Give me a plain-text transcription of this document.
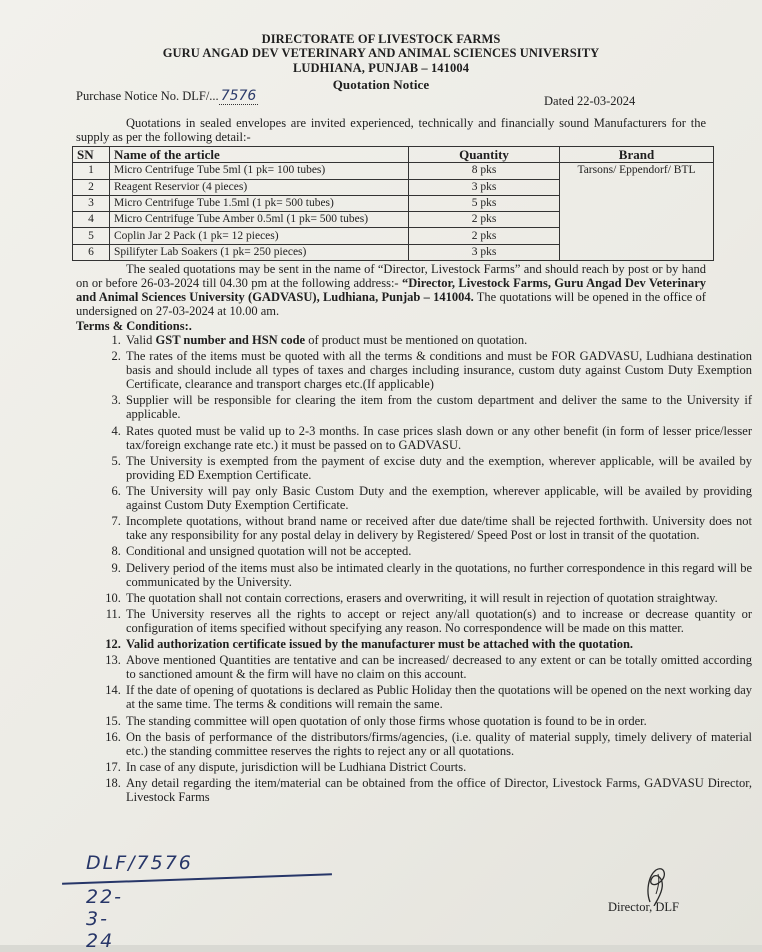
DIRECTORATE OF LIVESTOCK FARMS
GURU ANGAD DEV VETERINARY AND ANIMAL SCIENCES UNIVERSITY
LUDHIANA, PUNJAB – 141004
Quotation Notice
Purchase Notice No. DLF/... 7576	Dated 22-03-2024
Quotations in sealed envelopes are invited experienced, technically and financially sound Manufacturers for the supply as per the following detail:-
SN	Name of the article	Quantity	Brand
1	Micro Centrifuge Tube 5ml (1 pk= 100 tubes)	8 pks	Tarsons/ Eppendorf/ BTL
2	Reagent Reservior (4 pieces)	3 pks	
3	Micro Centrifuge Tube 1.5ml (1 pk= 500 tubes)	5 pks	
4	Micro Centrifuge Tube Amber 0.5ml (1 pk= 500 tubes)	2 pks	
5	Coplin Jar 2 Pack (1 pk= 12 pieces)	2 pks	
6	Spilifyter Lab Soakers (1 pk= 250 pieces)	3 pks	
The sealed quotations may be sent in the name of “Director, Livestock Farms” and should reach by post or by hand on or before 26-03-2024 till 04.30 pm at the following address:- “Director, Livestock Farms, Guru Angad Dev Veterinary and Animal Sciences University (GADVASU), Ludhiana, Punjab – 141004. The quotations will be opened in the office of undersigned on 27-03-2024 at 10.00 am.
Terms & Conditions:.
1. Valid GST number and HSN code of product must be mentioned on quotation.
2. The rates of the items must be quoted with all the terms & conditions and must be FOR GADVASU, Ludhiana destination basis and should include all types of taxes and charges including insurance, custom duty against Custom Duty Exemption Certificate, clearance and transport charges etc.(If applicable)
3. Supplier will be responsible for clearing the item from the custom department and deliver the same to the University if applicable.
4. Rates quoted must be valid up to 2-3 months. In case prices slash down or any other benefit (in form of lesser price/lesser tax/foreign exchange rate etc.) it must be passed on to GADVASU.
5. The University is exempted from the payment of excise duty and the exemption, wherever applicable, will be availed by providing ED Exemption Certificate.
6. The University will pay only Basic Custom Duty and the exemption, wherever applicable, will be availed by providing against Custom Duty Exemption Certificate.
7. Incomplete quotations, without brand name or received after due date/time shall be rejected forthwith. University does not take any responsibility for any postal delay in delivery by Registered/ Speed Post or lost in transit of the quotation.
8. Conditional and unsigned quotation will not be accepted.
9. Delivery period of the items must also be intimated clearly in the quotations, no further correspondence in this regard will be communicated by the University.
10. The quotation shall not contain corrections, erasers and overwriting, it will result in rejection of quotation straightway.
11. The University reserves all the rights to accept or reject any/all quotation(s) and to increase or decrease quantity or configuration of items specified without specifying any reason. No correspondence will be made on this matter.
12. Valid authorization certificate issued by the manufacturer must be attached with the quotation.
13. Above mentioned Quantities are tentative and can be increased/ decreased to any extent or can be totally omitted according to sanctioned amount & the firm will have no claim on this account.
14. If the date of opening of quotations is declared as Public Holiday then the quotations will be opened on the next working day at the same time. The terms & conditions will remain the same.
15. The standing committee will open quotation of only those firms whose quotation is found to be in order.
16. On the basis of performance of the distributors/firms/agencies, (i.e. quality of material supply, timely delivery of material etc.) the standing committee reserves the rights to reject any or all quotations.
17. In case of any dispute, jurisdiction will be Ludhiana District Courts.
18. Any detail regarding the item/material can be obtained from the office of Director, Livestock Farms, GADVASU Director, Livestock Farms
DLF/7576
22-3-24
Director, DLF
